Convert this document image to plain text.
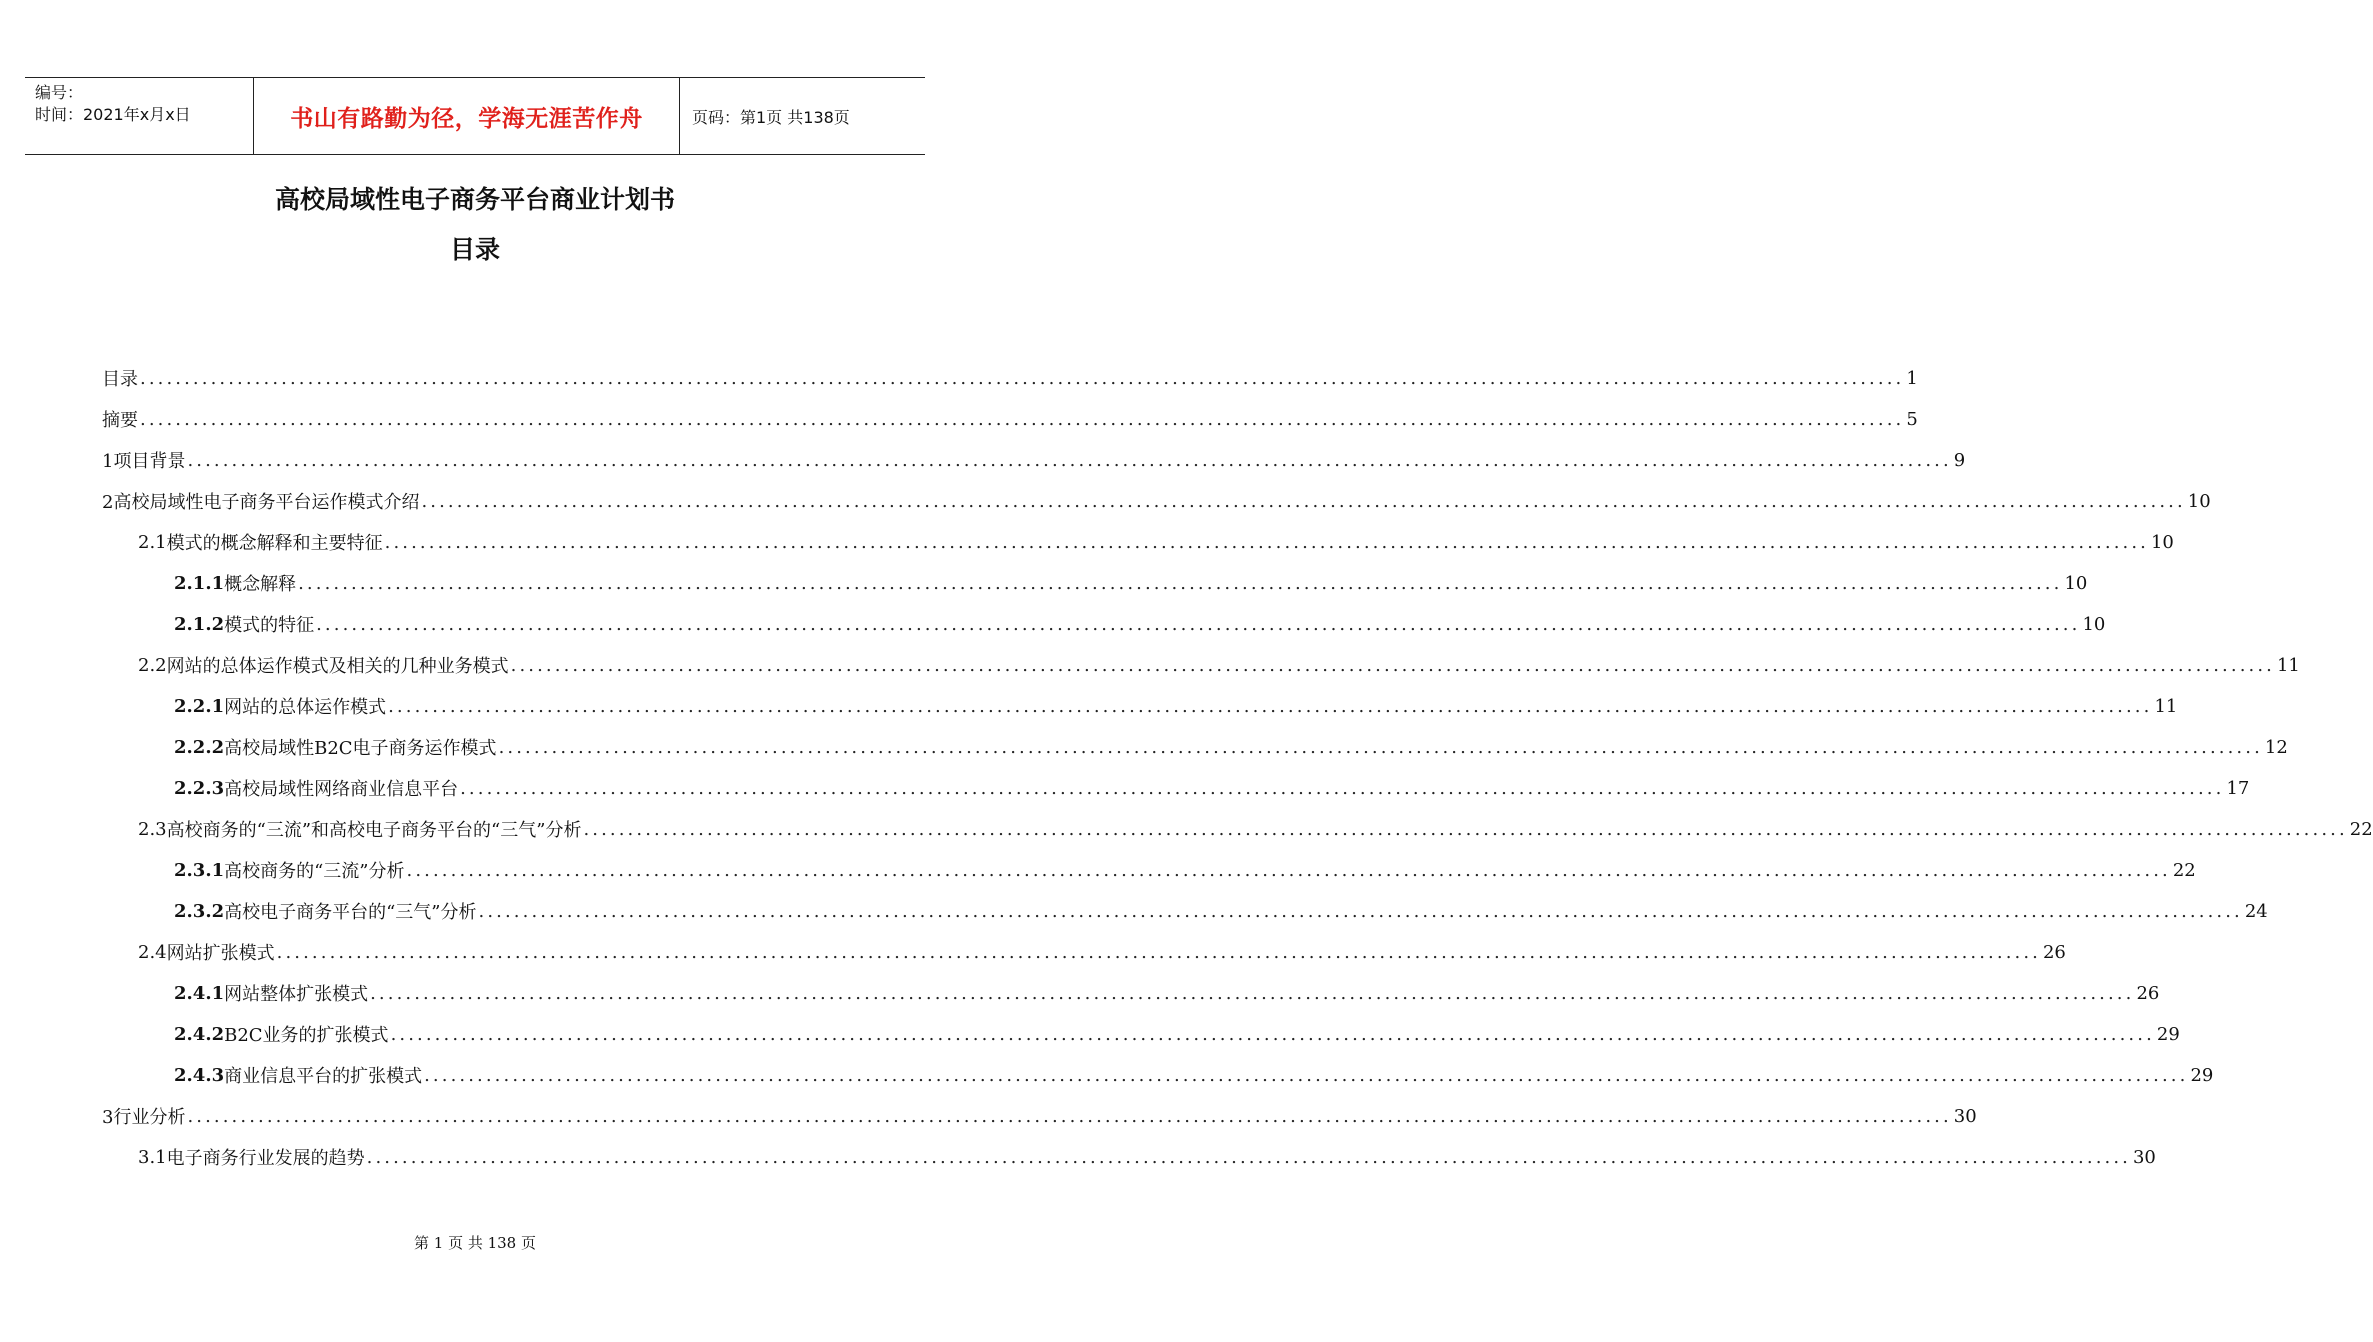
编号：
时间：2021年x月x日	书山有路勤为径，学海无涯苦作舟	页码：第1页 共138页
高校局域性电子商务平台商业计划书
目录
目录 ........................................................................................................................................................................................................ 1
摘要 ........................................................................................................................................................................................................ 5
1项目背景 ........................................................................................................................................................................................................ 9
2高校局域性电子商务平台运作模式介绍 ........................................................................................................................................................................................................ 10
2.1 模式的概念解释和主要特征 ........................................................................................................................................................................................................ 10
2.1.1 概念解释 ........................................................................................................................................................................................................ 10
2.1.2 模式的特征 ........................................................................................................................................................................................................ 10
2.2 网站的总体运作模式及相关的几种业务模式 ........................................................................................................................................................................................................ 11
2.2.1 网站的总体运作模式 ........................................................................................................................................................................................................ 11
2.2.2 高校局域性B2C电子商务运作模式 ........................................................................................................................................................................................................ 12
2.2.3 高校局域性网络商业信息平台 ........................................................................................................................................................................................................ 17
2.3 高校商务的“三流”和高校电子商务平台的“三气”分析 ........................................................................................................................................................................................................ 22
2.3.1 高校商务的“三流”分析 ........................................................................................................................................................................................................ 22
2.3.2 高校电子商务平台的“三气”分析 ........................................................................................................................................................................................................ 24
2.4 网站扩张模式 ........................................................................................................................................................................................................ 26
2.4.1 网站整体扩张模式 ........................................................................................................................................................................................................ 26
2.4.2 B2C业务的扩张模式 ........................................................................................................................................................................................................ 29
2.4.3 商业信息平台的扩张模式 ........................................................................................................................................................................................................ 29
3行业分析 ........................................................................................................................................................................................................ 30
3.1 电子商务行业发展的趋势 ........................................................................................................................................................................................................ 30
第 1 页 共 138 页
